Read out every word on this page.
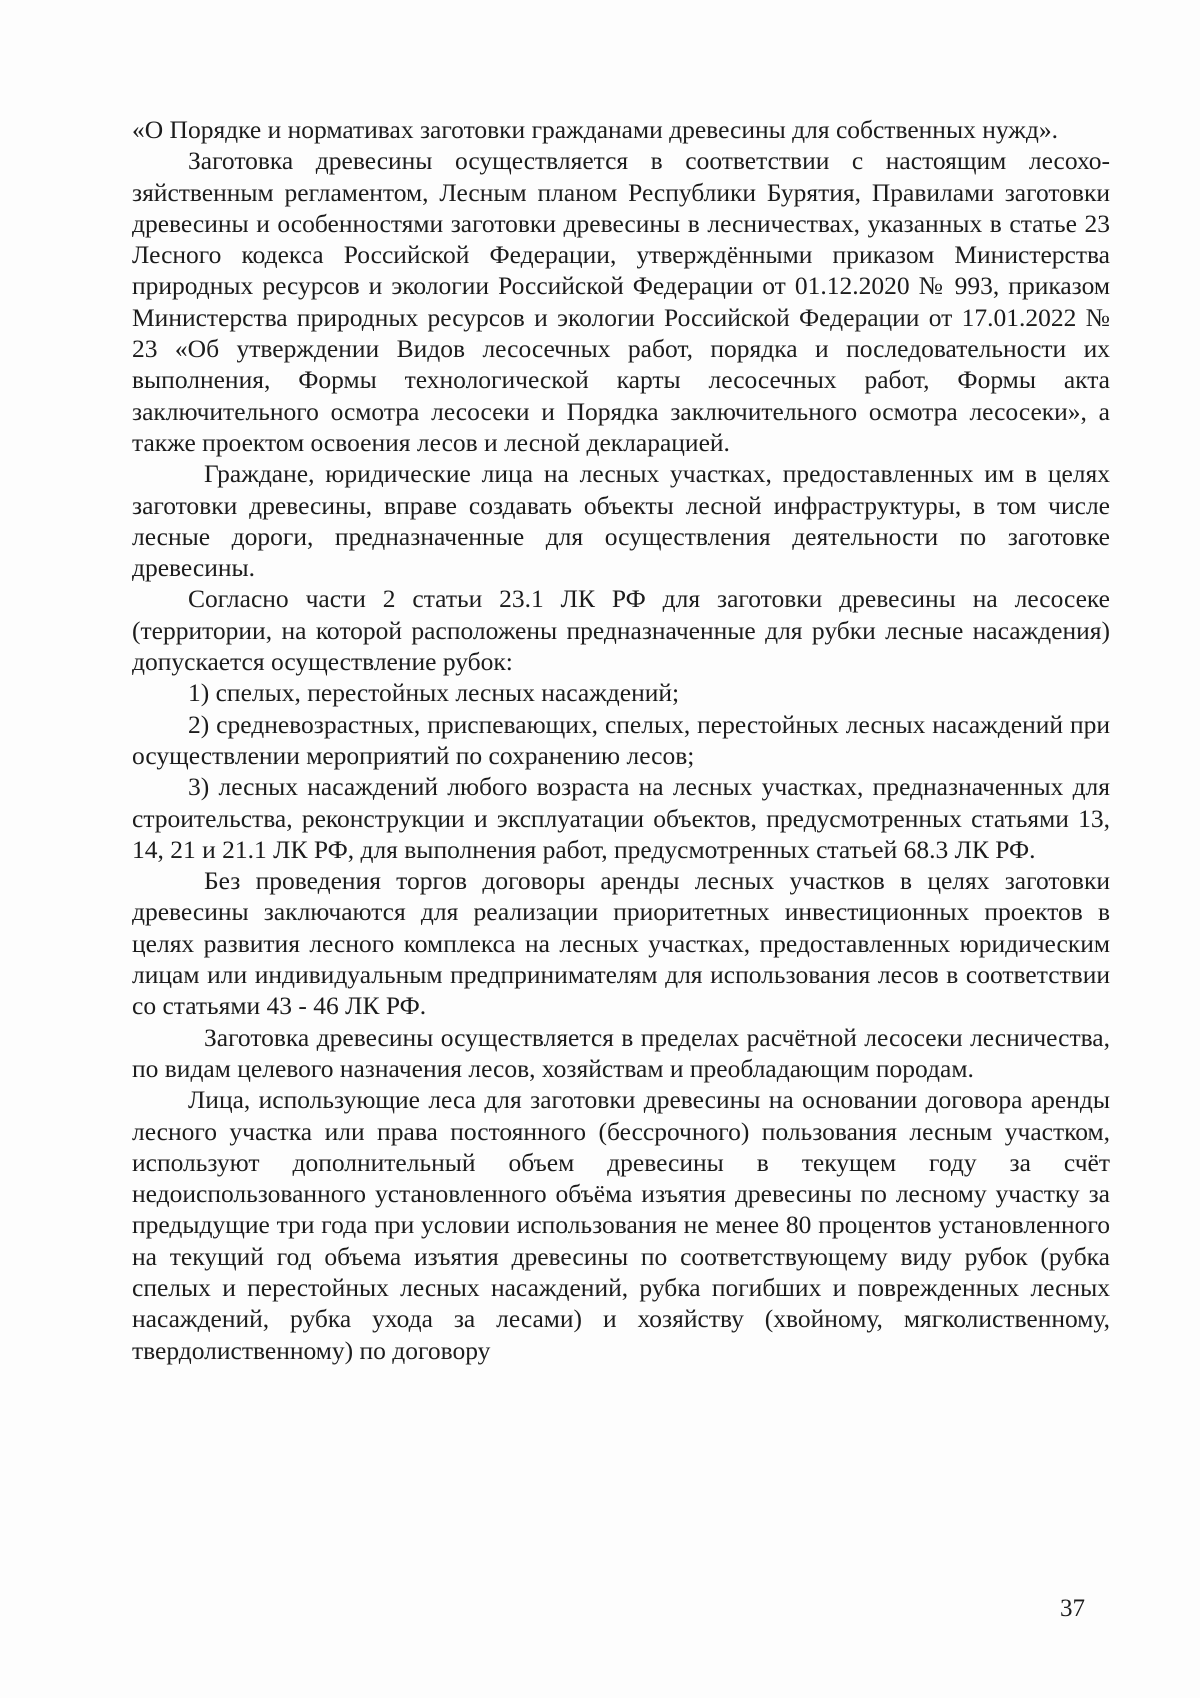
«О Порядке и нормативах заготовки гражданами древесины для собственных нужд».

Заготовка древесины осуществляется в соответствии с настоящим лесохозяйственным регламентом, Лесным планом Республики Бурятия, Правилами заготовки древесины и особенностями заготовки древесины в лесничествах, указанных в статье 23 Лесного кодекса Российской Федерации, утверждёнными приказом Министерства природных ресурсов и экологии Российской Федерации от 01.12.2020 № 993, приказом Министерства природных ресурсов и экологии Российской Федерации от 17.01.2022 № 23 «Об утверждении Видов лесосечных работ, порядка и последовательности их выполнения, Формы технологической карты лесосечных работ, Формы акта заключительного осмотра лесосеки и Порядка заключительного осмотра лесосеки», а также проектом освоения лесов и лесной декларацией.

Граждане, юридические лица на лесных участках, предоставленных им в целях заготовки древесины, вправе создавать объекты лесной инфраструктуры, в том числе лесные дороги, предназначенные для осуществления деятельности по заготовке древесины.

Согласно части 2 статьи 23.1 ЛК РФ для заготовки древесины на лесосеке (территории, на которой расположены предназначенные для рубки лесные насаждения) допускается осуществление рубок:

1) спелых, перестойных лесных насаждений;

2) средневозрастных, приспевающих, спелых, перестойных лесных насаждений при осуществлении мероприятий по сохранению лесов;

3) лесных насаждений любого возраста на лесных участках, предназначенных для строительства, реконструкции и эксплуатации объектов, предусмотренных статьями 13, 14, 21 и 21.1 ЛК РФ, для выполнения работ, предусмотренных статьей 68.3 ЛК РФ.

Без проведения торгов договоры аренды лесных участков в целях заготовки древесины заключаются для реализации приоритетных инвестиционных проектов в целях развития лесного комплекса на лесных участках, предоставленных юридическим лицам или индивидуальным предпринимателям для использования лесов в соответствии со статьями 43 - 46 ЛК РФ.

Заготовка древесины осуществляется в пределах расчётной лесосеки лесничества, по видам целевого назначения лесов, хозяйствам и преобладающим породам.

Лица, использующие леса для заготовки древесины на основании договора аренды лесного участка или права постоянного (бессрочного) пользования лесным участком, используют дополнительный объем древесины в текущем году за счёт недоиспользованного установленного объёма изъятия древесины по лесному участку за предыдущие три года при условии использования не менее 80 процентов установленного на текущий год объема изъятия древесины по соответствующему виду рубок (рубка спелых и перестойных лесных насаждений, рубка погибших и поврежденных лесных насаждений, рубка ухода за лесами) и хозяйству (хвойному, мягколиственному, твердолиственному) по договору

37
